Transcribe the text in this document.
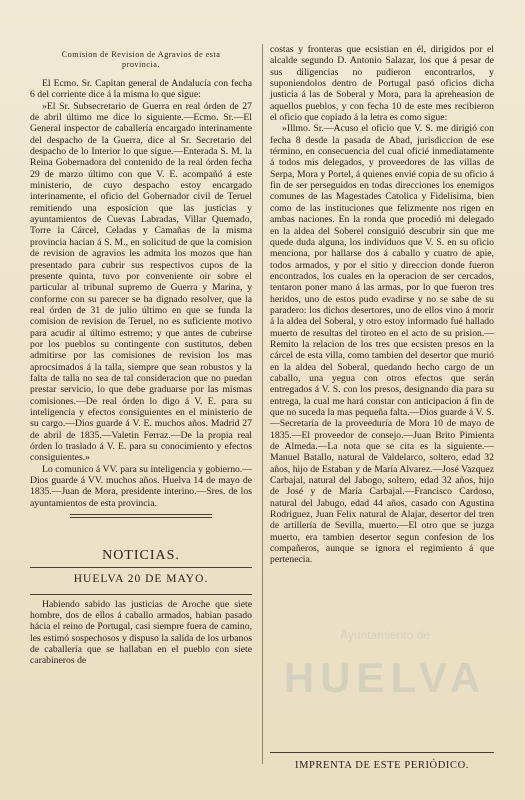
Comision de Revision de Agravios de esta
provincia.

El Ecmo. Sr. Capitan general de Andalucía con fecha 6 del corriente dice á la misma lo que sigue:

»El Sr. Subsecretario de Guerra en real órden de 27 de abril último me dice lo siguiente.—Ecmo. Sr.—El General inspector de caballería encargado interinamente del despacho de la Guerra, dice al Sr. Secretario del despacho de lo Interior lo que sigue.—Enterada S. M. la Reina Gobernadora del contenido de la real órden fecha 29 de marzo último con que V. E. acompañó á este ministerio, de cuyo despacho estoy encargado interinamente, el oficio del Gobernador civil de Teruel remitiendo una esposicion que las justicias y ayuntamientos de Cuevas Labradas, Villar Quemado, Torre la Cárcel, Celadas y Camañas de la misma provincia hacian á S. M., en solicitud de que la comision de revision de agravios les admita los mozos que han presentado para cubrir sus respectivos cupos de la presente quinta, tuvo por conveniente oir sobre el particular al tribunal supremo de Guerra y Marina, y conforme con su parecer se ha dignado resolver, que la real órden de 31 de julio último en que se funda la comision de revision de Teruel, no es suficiente motivo para acudir al último estremo; y que antes de cubrirse por los pueblos su contingente con sustitutos, deben admitirse por las comisiones de revision los mas aprocsimados á la talla, siempre que sean robustos y la falta de talla no sea de tal consideracion que no puedan prestar servicio, lo que debe graduarse por las mismas comisiones.—De real órden lo digo á V. E. para su inteligencia y efectos consiguientes en el ministerio de su cargo.—Dios guarde á V. E. muchos años. Madrid 27 de abril de 1835.—Valetin Ferraz.—De la propia real órden lo traslado á V. E. para su conocimiento y efectos consiguientes.»

Lo comunico á VV. para su inteligencia y gobierno.—Dios guarde á VV. muchos años. Huelva 14 de mayo de 1835.—Juan de Mora, presidente interino.—Sres. de los ayuntamientos de esta provincia.

NOTICIAS.
HUELVA 20 DE MAYO.

Habiendo sabido las justicias de Aroche que siete hombre, dos de ellos á caballo armados, habian pasado hácia el reino de Portugal, casi siempre fuera de camino, les estimó sospechosos y dispuso la salida de los urbanos de caballería que se hallaban en el pueblo con siete carabineros de

costas y fronteras que ecsistian en él, dirigidos por el alcalde segundo D. Antonio Salazar, los que á pesar de sus diligencias no pudieron encontrarlos, y suponiendolos dentro de Portugal pasó oficios dicha justicia á las de Soberal y Mora, para la apreheasion de aquellos pueblos, y con fecha 10 de este mes recibieron el oficio que copiado á la letra es como sigue:

»Illmo. Sr.—Acuso el oficio que V. S. me dirigió con fecha 8 desde la pasada de Abad, jurisdiccion de ese término, en consecuencia del cual oficié inmediatamente á todos mis delegados, y proveedores de las villas de Serpa, Mora y Portel, á quienes envié copia de su oficio á fin de ser perseguidos en todas direcciones los enemigos comunes de las Magestades Catolica y Fidelísima, bien como de las instituciones que felizmente nos rigen en ambas naciones. En la ronda que procedió mi delegado en la aldea del Soberel consiguió descubrir sin que me quede duda alguna, los individuos que V. S. en su oficio menciona, por hallarse dos á caballo y cuatro de apie, todos armados, y por el sitio y direccion donde fueron encontrados, los cuales en la operacion de ser cercados, tentaron poner mano á las armas, por lo que fueron tres heridos, uno de estos pudo evadirse y no se sabe de su paradero: los dichos desertores, uno de ellos vino á morir á la aldea del Soberal, y otro estoy informado fué hallado muerto de resultas del tiroteo en el acto de su prision.—Remito la relacion de los tres que ecsisten presos en la cárcel de esta villa, como tambien del desertor que murió en la aldea del Soberal, quedando hecho cargo de un caballo, una yegua con otros efectos que serán entregados á V. S. con los presos, designando dia para su entrega, la cual me hará constar con anticipacion á fin de que no suceda la mas pequeña falta.—Dios guarde á V. S.—Secretaría de la proveeduría de Mora 10 de mayo de 1835.—El proveedor de consejo.—Juan Brito Pimienta de Almeda.—La nota que se cita es la siguiente.—Manuel Batallo, natural de Valdelarco, soltero, edad 32 años, hijo de Estaban y de María Alvarez.—José Vazquez Carbajal, natural del Jabogo, soltero, edad 32 años, hijo de José y de María Carbajal.—Francisco Cardoso, natural del Jabugo, edad 44 años, casado con Agustina Rodriguez, Juan Felix natural de Alajar, desertor del tren de artillería de Sevilla, muerto.—El otro que se juzga muerto, era tambien desertor segun confesion de los compañeros, aunque se ignora el regimiento á que pertenecia.

Ayuntamiento de
HUELVA
IMPRENTA DE ESTE PERIÓDICO.
